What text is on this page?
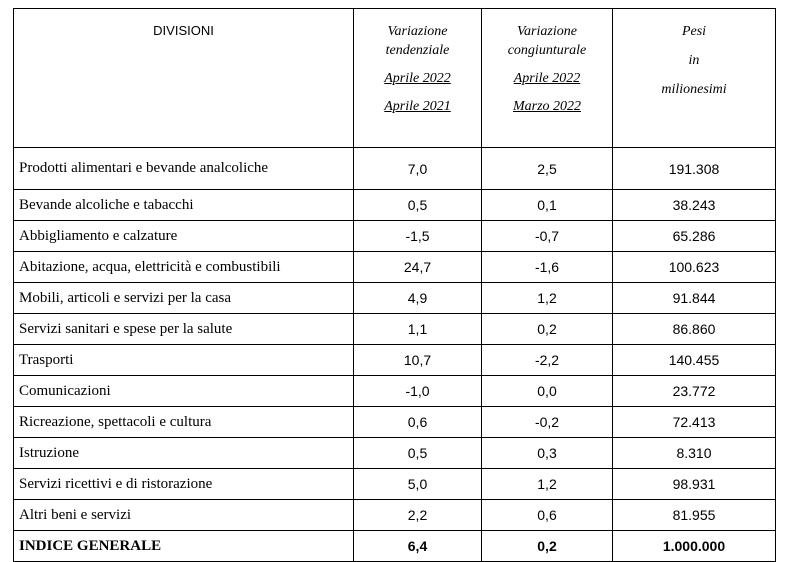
DIVISIONI	Variazione
tendenziale
Aprile 2022
Aprile 2021	Variazione
congiunturale
Aprile 2022
Marzo 2022	Pesi
in
milionesimi

Prodotti alimentari e bevande analcoliche	7,0	2,5	191.308
Bevande alcoliche e tabacchi	0,5	0,1	38.243
Abbigliamento e calzature	-1,5	-0,7	65.286
Abitazione, acqua, elettricità e combustibili	24,7	-1,6	100.623
Mobili, articoli e servizi per la casa	4,9	1,2	91.844
Servizi sanitari e spese per la salute	1,1	0,2	86.860
Trasporti	10,7	-2,2	140.455
Comunicazioni	-1,0	0,0	23.772
Ricreazione, spettacoli e cultura	0,6	-0,2	72.413
Istruzione	0,5	0,3	8.310
Servizi ricettivi e di ristorazione	5,0	1,2	98.931
Altri beni e servizi	2,2	0,6	81.955
INDICE GENERALE	6,4	0,2	1.000.000
